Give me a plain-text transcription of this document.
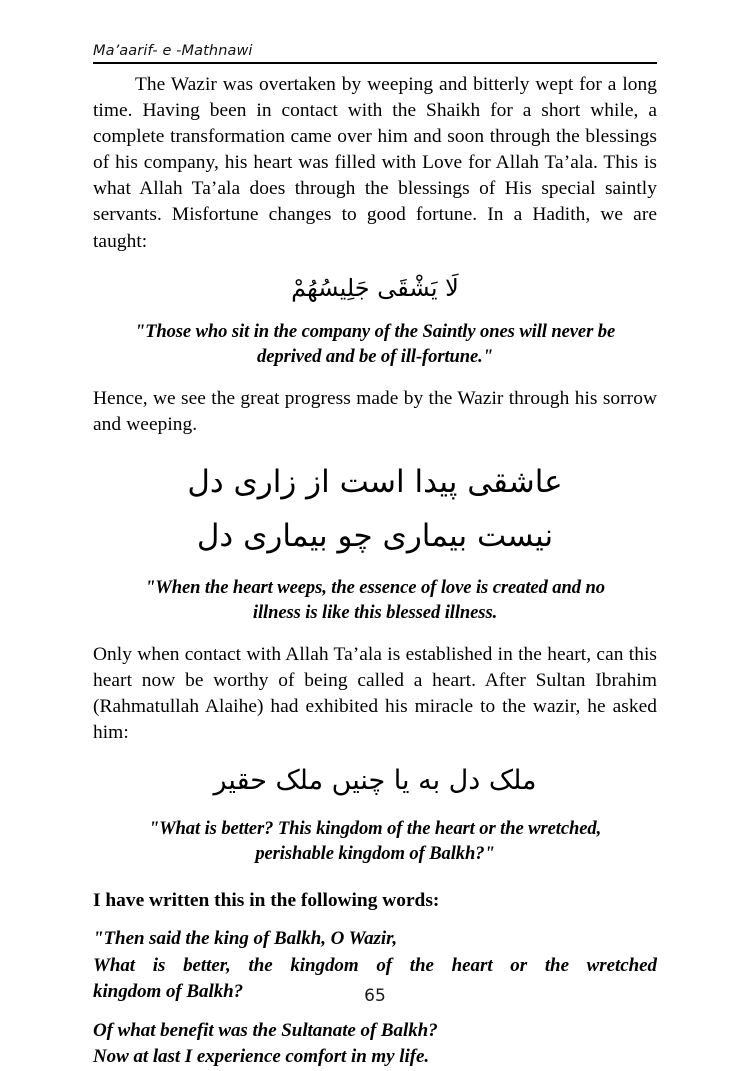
Ma’aarif- e -Mathnawi

The Wazir was overtaken by weeping and bitterly wept for a long time. Having been in contact with the Shaikh for a short while, a complete transformation came over him and soon through the blessings of his company, his heart was filled with Love for Allah Ta’ala. This is what Allah Ta’ala does through the blessings of His special saintly servants. Misfortune changes to good fortune. In a Hadith, we are taught:

لَا يَشْقَى جَلِيسُهُمْ

"Those who sit in the company of the Saintly ones will never be
deprived and be of ill-fortune."

Hence, we see the great progress made by the Wazir through his sorrow and weeping.

عاشقی پیدا است از زاری دل

نیست بیماری چو بیماری دل

"When the heart weeps, the essence of love is created and no
illness is like this blessed illness.

Only when contact with Allah Ta’ala is established in the heart, can this heart now be worthy of being called a heart. After Sultan Ibrahim (Rahmatullah Alaihe) had exhibited his miracle to the wazir, he asked him:

ملک دل به یا چنیں ملک حقیر

"What is better? This kingdom of the heart or the wretched,
perishable kingdom of Balkh?"

I have written this in the following words:

"Then said the king of Balkh, O Wazir,
What is better, the kingdom of the heart or the wretched
kingdom of Balkh?

Of what benefit was the Sultanate of Balkh?
Now at last I experience comfort in my life.

65
